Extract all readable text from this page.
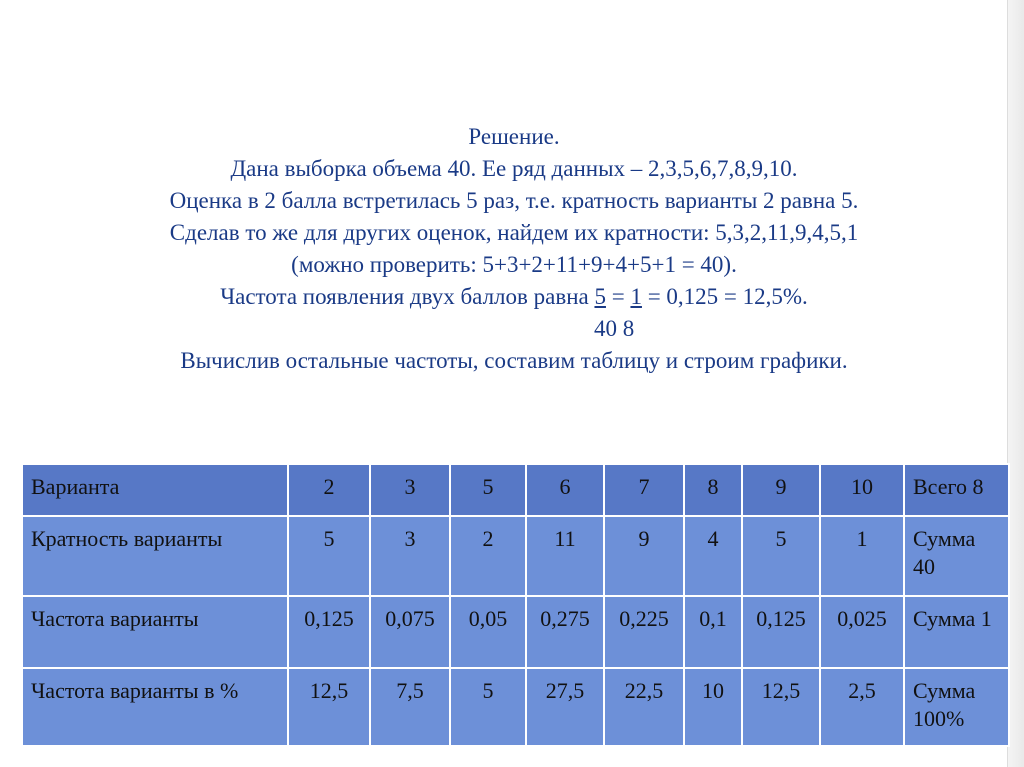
Решение.
Дана выборка объема 40. Ее ряд данных – 2,3,5,6,7,8,9,10.
Оценка в 2 балла встретилась 5 раз, т.е. кратность варианты 2 равна 5.
Сделав то же для других оценок, найдем их кратности: 5,3,2,11,9,4,5,1
(можно проверить: 5+3+2+11+9+4+5+1 = 40).
Частота появления двух баллов равна 5 = 1 = 0,125 = 12,5%.
40 8
Вычислив остальные частоты, составим таблицу и строим графики.
Варианта	2	3	5	6	7	8	9	10	Всего 8
Кратность варианты	5	3	2	11	9	4	5	1	Сумма 40
Частота варианты	0,125	0,075	0,05	0,275	0,225	0,1	0,125	0,025	Сумма 1
Частота варианты в %	12,5	7,5	5	27,5	22,5	10	12,5	2,5	Сумма 100%
